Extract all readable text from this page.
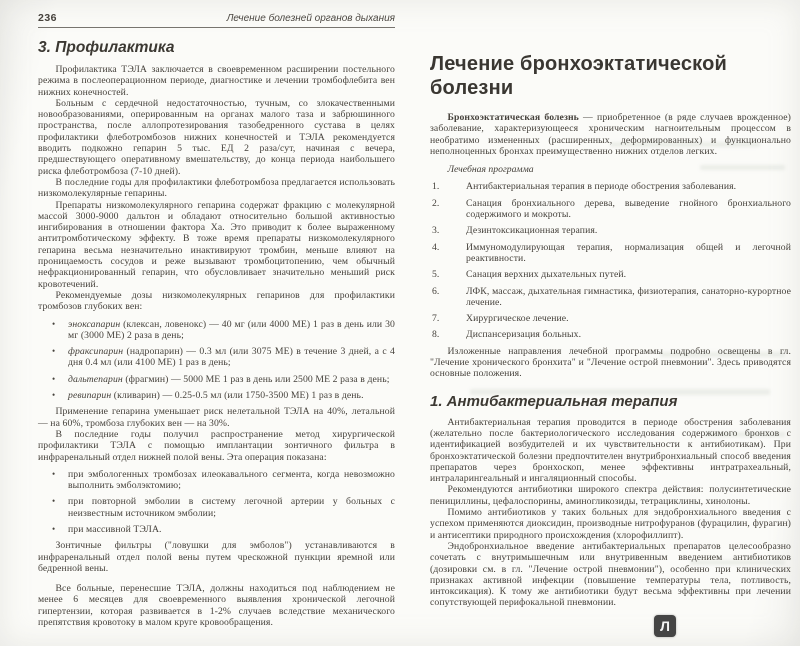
236	Лечение болезней органов дыхания
3. Профилактика

Профилактика ТЭЛА заключается в своевременном расширении постельного режима в послеоперационном периоде, диагностике и лечении тромбофлебита вен нижних конечностей.

Больным с сердечной недостаточностью, тучным, со злокачественными новообразованиями, оперированным на органах малого таза и забрюшинного пространства, после аллопротезирования тазобедренного сустава в целях профилактики флеботромбозов нижних конечностей и ТЭЛА рекомендуется вводить подкожно гепарин 5 тыс. ЕД 2 раза/сут, начиная с вечера, предшествующего оперативному вмешательству, до конца периода наибольшего риска флеботромбоза (7-10 дней).

В последние годы для профилактики флеботромбоза предлагается использовать низкомолекулярные гепарины.

Препараты низкомолекулярного гепарина содержат фракцию с молекулярной массой 3000-9000 дальтон и обладают относительно большой активностью ингибирования в отношении фактора Ха. Это приводит к более выраженному антитромботическому эффекту. В тоже время препараты низкомолекулярного гепарина весьма незначительно инактивируют тромбин, меньше влияют на проницаемость сосудов и реже вызывают тромбоцитопению, чем обычный нефракционированный гепарин, что обусловливает значительно меньший риск кровотечений.

Рекомендуемые дозы низкомолекулярных гепаринов для профилактики тромбозов глубоких вен:

•	эноксапарин (клексан, ловенокс) — 40 мг (или 4000 МЕ) 1 раз в день или 30 мг (3000 МЕ) 2 раза в день;
•	фраксипарин (надропарин) — 0.3 мл (или 3075 МЕ) в течение 3 дней, а с 4 дня 0.4 мл (или 4100 МЕ) 1 раз в день;
•	дальтепарин (фрагмин) — 5000 МЕ 1 раз в день или 2500 МЕ 2 раза в день;
•	ревипарин (кливарин) — 0.25-0.5 мл (или 1750-3500 МЕ) 1 раз в день.

Применение гепарина уменьшает риск нелетальной ТЭЛА на 40%, летальной — на 60%, тромбоза глубоких вен — на 30%.

В последние годы получил распространение метод хирургической профилактики ТЭЛА с помощью имплантации зонтичного фильтра в инфраренальный отдел нижней полой вены. Эта операция показана:

•	при эмбологенных тромбозах илеокавального сегмента, когда невозможно выполнить эмболэктомию;
•	при повторной эмболии в систему легочной артерии у больных с неизвестным источником эмболии;
•	при массивной ТЭЛА.

Зонтичные фильтры ("ловушки для эмболов") устанавливаются в инфраренальный отдел полой вены путем чрескожной пункции яремной или бедренной вены.

Все больные, перенесшие ТЭЛА, должны находиться под наблюдением не менее 6 месяцев для своевременного выявления хронической легочной гипертензии, которая развивается в 1-2% случаев вследствие механического препятствия кровотоку в малом круге кровообращения.

Лечение бронхоэктатической
болезни

Бронхоэктатическая болезнь — приобретенное (в ряде случаев врожденное) заболевание, характеризующееся хроническим нагноительным процессом в необратимо измененных (расширенных, деформированных) и функционально неполноценных бронхах преимущественно нижних отделов легких.

Лечебная программа

1.	Антибактериальная терапия в периоде обострения заболевания.
2.	Санация бронхиального дерева, выведение гнойного бронхиального содержимого и мокроты.
3.	Дезинтоксикационная терапия.
4.	Иммуномодулирующая терапия, нормализация общей и легочной реактивности.
5.	Санация верхних дыхательных путей.
6.	ЛФК, массаж, дыхательная гимнастика, физиотерапия, санаторно-курортное лечение.
7.	Хирургическое лечение.
8.	Диспансеризация больных.

Изложенные направления лечебной программы подробно освещены в гл. "Лечение хронического бронхита" и "Лечение острой пневмонии". Здесь приводятся основные положения.

1. Антибактериальная терапия

Антибактериальная терапия проводится в периоде обострения заболевания (желательно после бактериологического исследования содержимого бронхов с идентификацией возбудителей и их чувствительности к антибиотикам). При бронхоэктатической болезни предпочтителен внутрибронхиальный способ введения препаратов через бронхоскоп, менее эффективны интратрахеальный, интраларингеальный и ингаляционный способы.

Рекомендуются антибиотики широкого спектра действия: полусинтетические пенициллины, цефалоспорины, аминогликозиды, тетрациклины, хинолоны.

Помимо антибиотиков у таких больных для эндобронхиального введения с успехом применяются диоксидин, производные нитрофуранов (фурацилин, фурагин) и антисептики природного происхождения (хлорофиллипт).

Эндобронхиальное введение антибактериальных препаратов целесообразно сочетать с внутримышечным или внутривенным введением антибиотиков (дозировки см. в гл. "Лечение острой пневмонии"), особенно при клинических признаках активной инфекции (повышение температуры тела, потливость, интоксикация). К тому же антибиотики будут весьма эффективны при лечении сопутствующей перифокальной пневмонии.

Л
